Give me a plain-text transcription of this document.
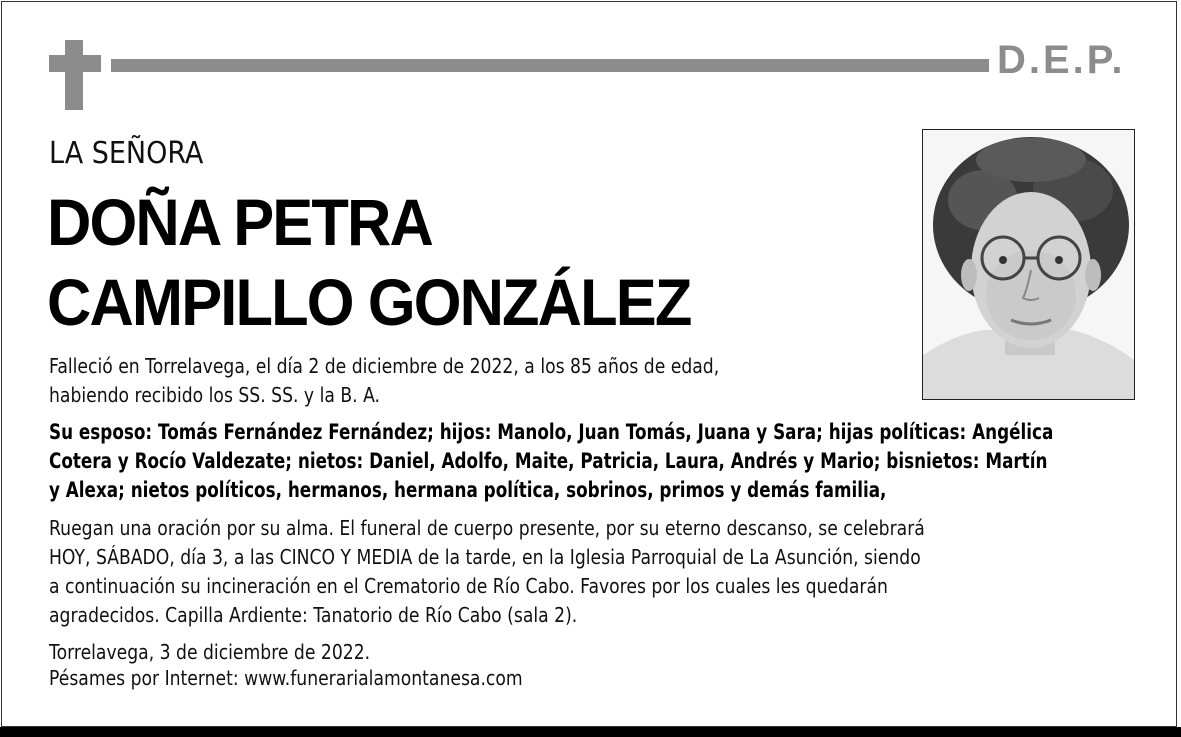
D.E.P.
LA SEÑORA
DOÑA PETRA
CAMPILLO GONZÁLEZ
Falleció en Torrelavega, el día 2 de diciembre de 2022, a los 85 años de edad,
habiendo recibido los SS. SS. y la B. A.
Su esposo: Tomás Fernández Fernández; hijos: Manolo, Juan Tomás, Juana y Sara; hijas políticas: Angélica
Cotera y Rocío Valdezate; nietos: Daniel, Adolfo, Maite, Patricia, Laura, Andrés y Mario; bisnietos: Martín
y Alexa; nietos políticos, hermanos, hermana política, sobrinos, primos y demás familia,
Ruegan una oración por su alma. El funeral de cuerpo presente, por su eterno descanso, se celebrará
HOY, SÁBADO, día 3, a las CINCO Y MEDIA de la tarde, en la Iglesia Parroquial de La Asunción, siendo
a continuación su incineración en el Crematorio de Río Cabo. Favores por los cuales les quedarán
agradecidos. Capilla Ardiente: Tanatorio de Río Cabo (sala 2).
Torrelavega, 3 de diciembre de 2022.
Pésames por Internet: www.funerarialamontanesa.com
